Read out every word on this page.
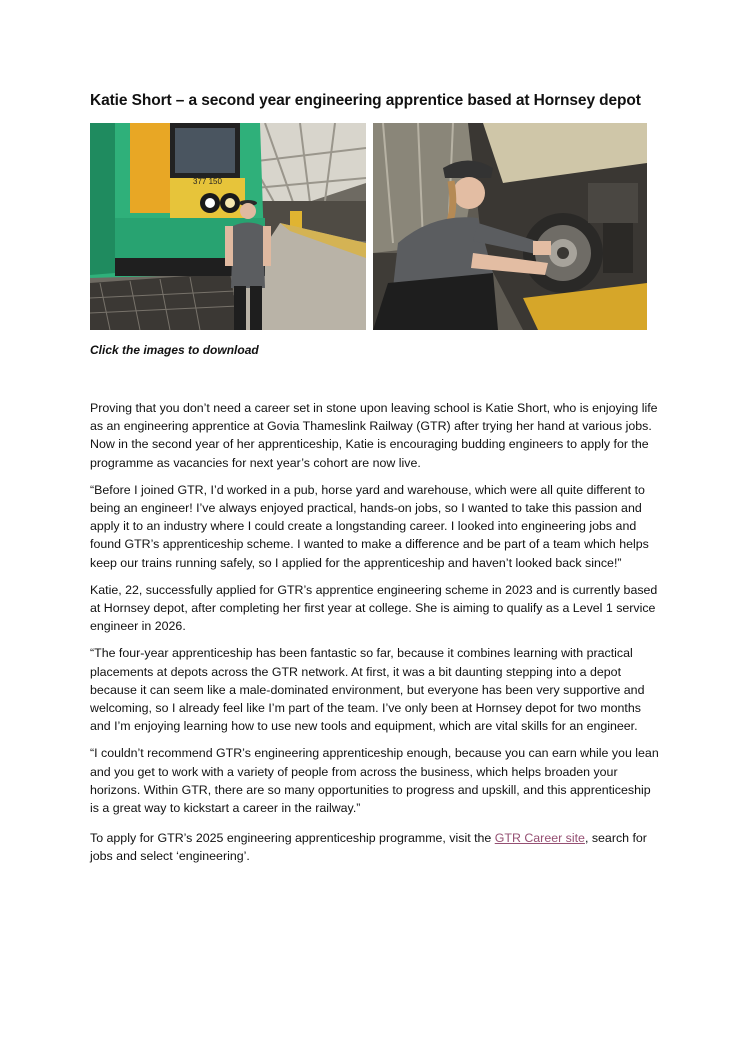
Katie Short – a second year engineering apprentice based at Hornsey depot
377 150

Click the images to download

Proving that you don’t need a career set in stone upon leaving school is Katie Short, who is enjoying life as an engineering apprentice at Govia Thameslink Railway (GTR) after trying her hand at various jobs. Now in the second year of her apprenticeship, Katie is encouraging budding engineers to apply for the programme as vacancies for next year’s cohort are now live.

“Before I joined GTR, I’d worked in a pub, horse yard and warehouse, which were all quite different to being an engineer! I’ve always enjoyed practical, hands-on jobs, so I wanted to take this passion and apply it to an industry where I could create a longstanding career. I looked into engineering jobs and found GTR’s apprenticeship scheme. I wanted to make a difference and be part of a team which helps keep our trains running safely, so I applied for the apprenticeship and haven’t looked back since!”

Katie, 22, successfully applied for GTR’s apprentice engineering scheme in 2023 and is currently based at Hornsey depot, after completing her first year at college. She is aiming to qualify as a Level 1 service engineer in 2026.

“The four-year apprenticeship has been fantastic so far, because it combines learning with practical placements at depots across the GTR network. At first, it was a bit daunting stepping into a depot because it can seem like a male-dominated environment, but everyone has been very supportive and welcoming, so I already feel like I’m part of the team. I’ve only been at Hornsey depot for two months and I’m enjoying learning how to use new tools and equipment, which are vital skills for an engineer.

“I couldn’t recommend GTR’s engineering apprenticeship enough, because you can earn while you lean and you get to work with a variety of people from across the business, which helps broaden your horizons. Within GTR, there are so many opportunities to progress and upskill, and this apprenticeship is a great way to kickstart a career in the railway.”

To apply for GTR’s 2025 engineering apprenticeship programme, visit the GTR Career site, search for jobs and select ‘engineering’.
